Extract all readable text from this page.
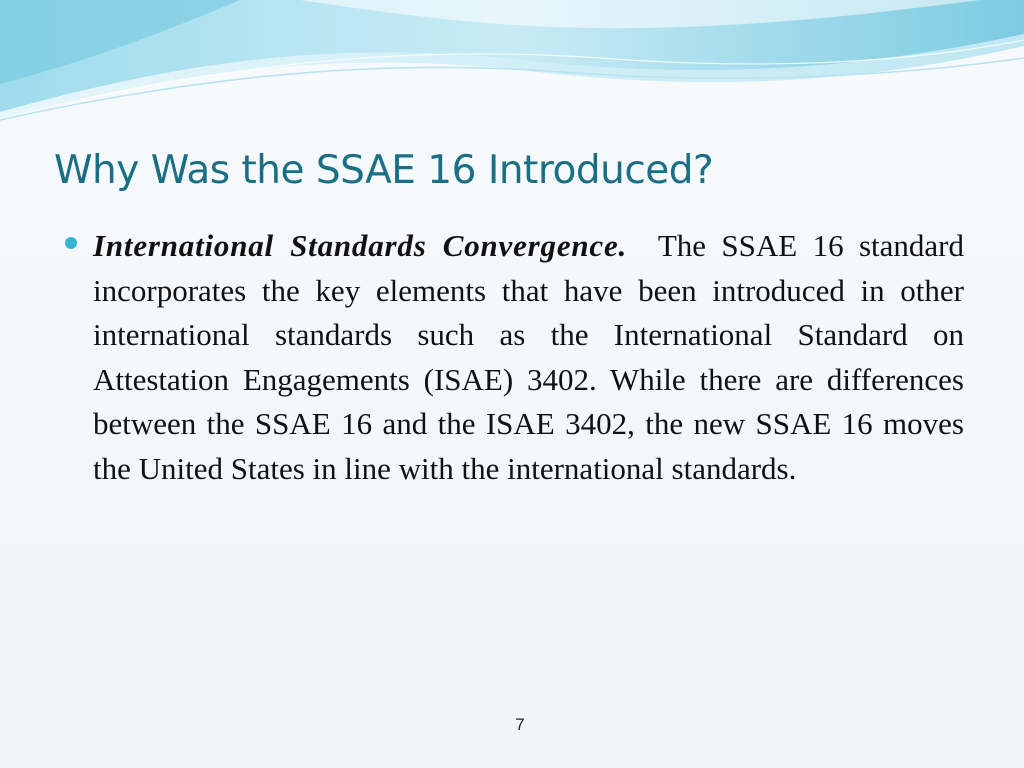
Why Was the SSAE 16 Introduced?
International Standards Convergence. The SSAE 16 standard incorporates the key elements that have been introduced in other international standards such as the International Standard on Attestation Engagements (ISAE) 3402. While there are differences between the SSAE 16 and the ISAE 3402, the new SSAE 16 moves the United States in line with the international standards.
7
